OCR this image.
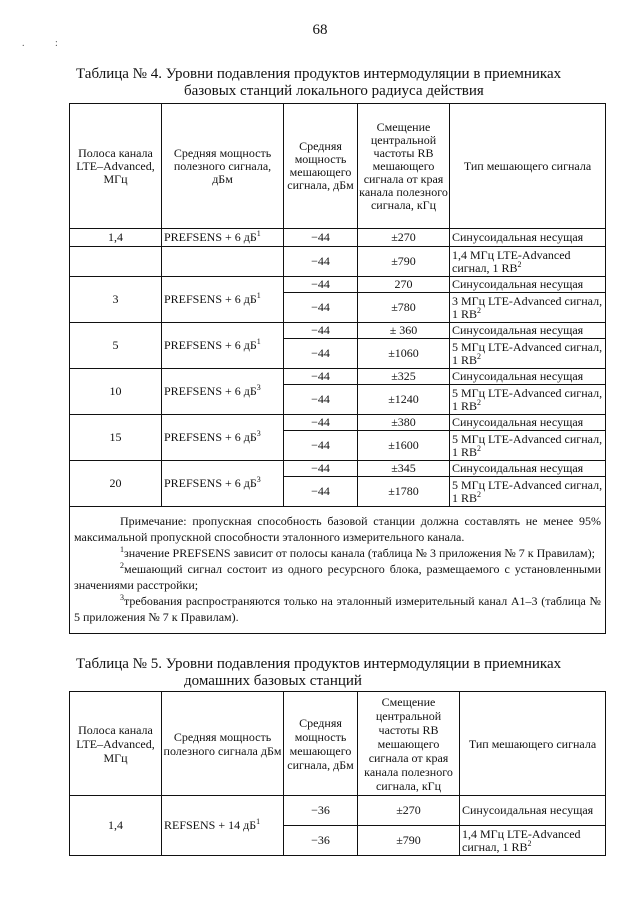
68
. :
Таблица № 4. Уровни подавления продуктов интермодуляции в приемниках
базовых станций локального радиуса действия
Полоса канала LTE–Advanced, МГц	Средняя мощность полезного сигнала, дБм	Средняя мощность мешающего сигнала, дБм	Смещение центральной частоты RB мешающего сигнала от края канала полезного сигнала, кГц	Тип мешающего сигнала
1,4	PREFSENS + 6 $дБ^1$	−44	±270	Синусоидальная несущая
		−44	±790	1,4 МГц LTE-Advanced сигнал, 1 $RB^2$
3	PREFSENS + 6 $дБ^1$	−44	270	Синусоидальная несущая
		−44	±780	3 МГц LTE-Advanced сигнал, 1 $RB^2$
5	PREFSENS + 6 $дБ^1$	−44	± 360	Синусоидальная несущая
		−44	±1060	5 МГц LTE-Advanced сигнал, 1 $RB^2$
10	PREFSENS + 6 $дБ^3$	−44	±325	Синусоидальная несущая
		−44	±1240	5 МГц LTE-Advanced сигнал, 1 $RB^2$
15	PREFSENS + 6 $дБ^3$	−44	±380	Синусоидальная несущая
		−44	±1600	5 МГц LTE-Advanced сигнал, 1 $RB^2$
20	PREFSENS + 6 $дБ^3$	−44	±345	Синусоидальная несущая
		−44	±1780	5 МГц LTE-Advanced сигнал, 1 $RB^2$

Примечание: пропускная способность базовой станции должна составлять не менее 95% максимальной пропускной способности эталонного измерительного канала.

$^1$значение PREFSENS зависит от полосы канала (таблица № 3 приложения № 7 к Правилам);

$^2$мешающий сигнал состоит из одного ресурсного блока, размещаемого с установленными значениями расстройки;

$^3$требования распространяются только на эталонный измерительный канал A1–3 (таблица № 5 приложения № 7 к Правилам).				

Таблица № 5. Уровни подавления продуктов интермодуляции в приемниках
домашних базовых станций
Полоса канала LTE–Advanced, МГц	Средняя мощность полезного сигнала дБм	Средняя мощность мешающего сигнала, дБм	Смещение центральной частоты RB мешающего сигнала от края канала полезного сигнала, кГц	Тип мешающего сигнала
1,4	REFSENS + 14 $дБ^1$	−36	±270	Синусоидальная несущая
		−36	±790	1,4 МГц LTE-Advanced сигнал, 1 $RB^2$
